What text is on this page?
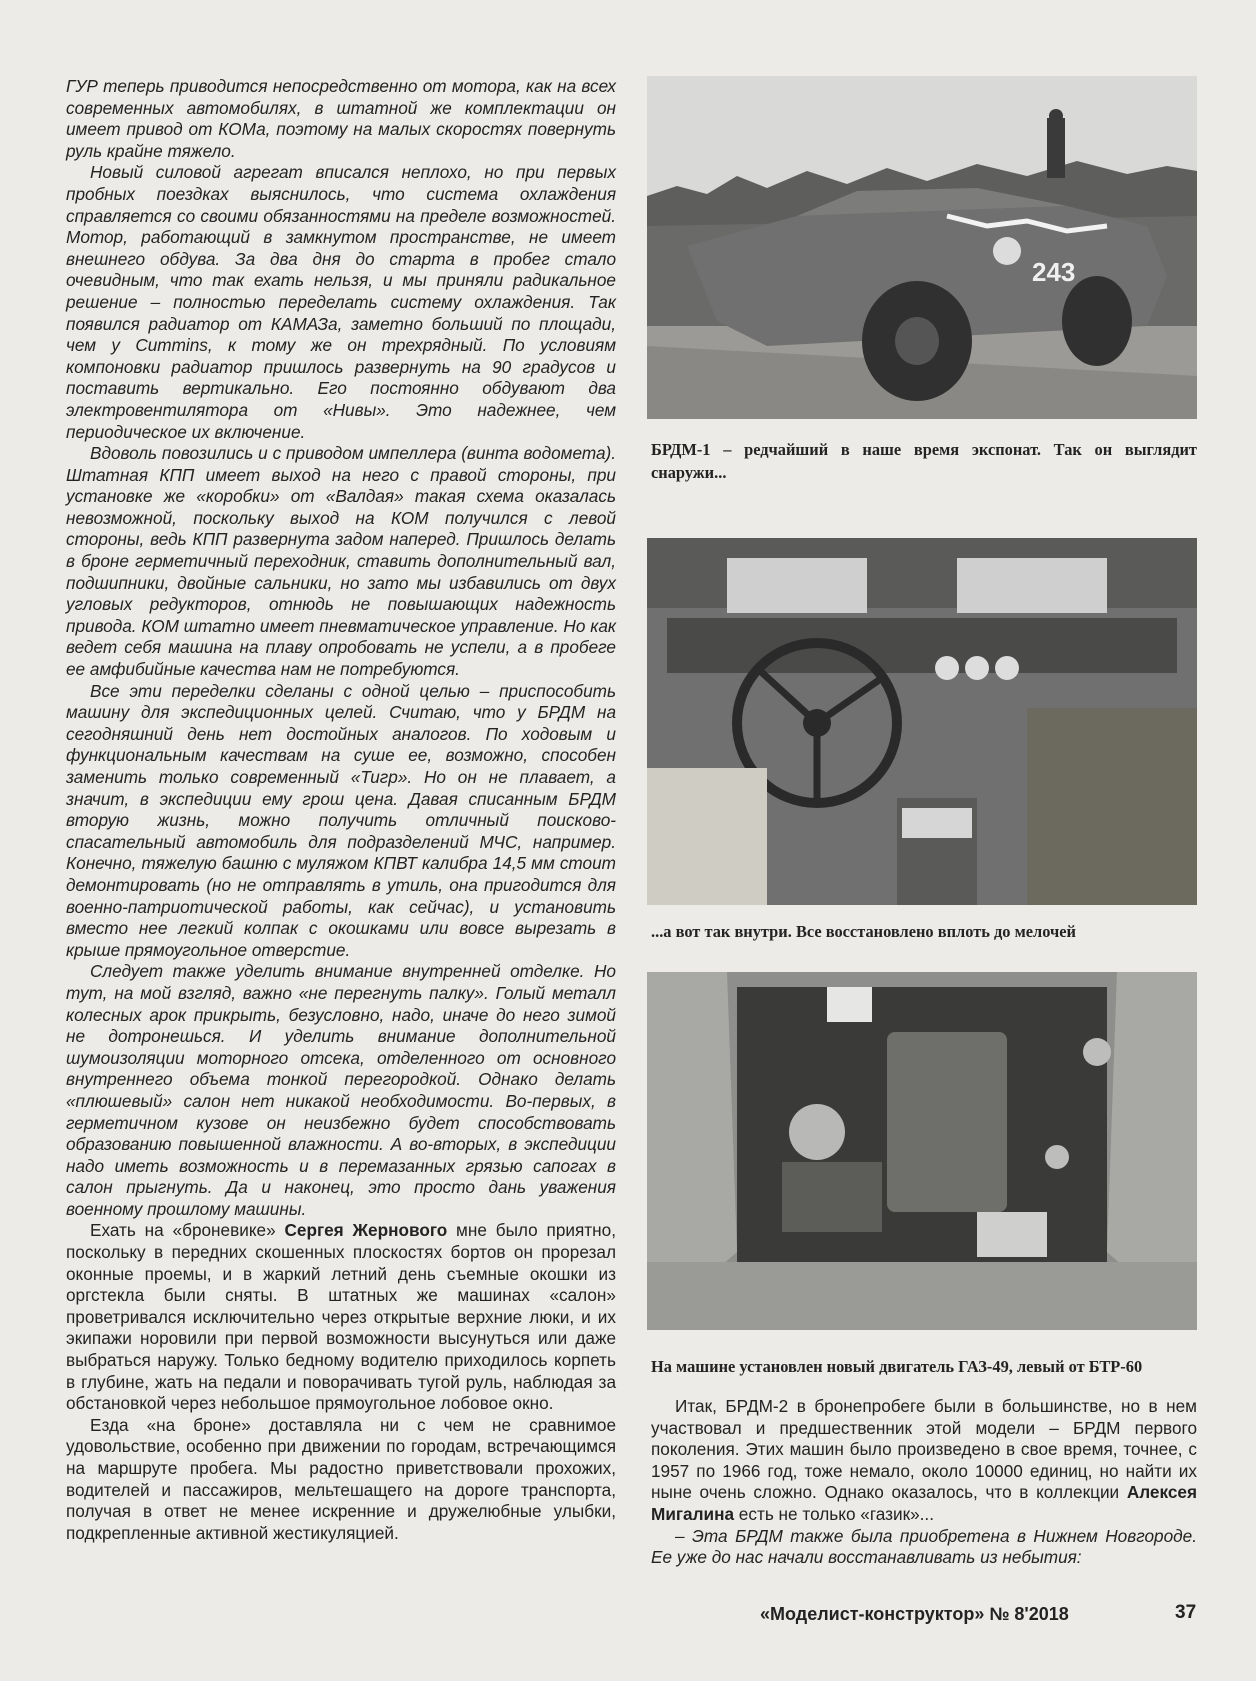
ГУР теперь приводится непосредственно от мотора, как на всех современных автомобилях, в штатной же комплектации он имеет привод от КОМа, поэтому на малых скоростях повернуть руль крайне тяжело.

Новый силовой агрегат вписался неплохо, но при первых пробных поездках выяснилось, что система охлаждения справляется со своими обязанностями на пределе возможностей. Мотор, работающий в замкнутом пространстве, не имеет внешнего обдува. За два дня до старта в пробег стало очевидным, что так ехать нельзя, и мы приняли радикальное решение – полностью переделать систему охлаждения. Так появился радиатор от КАМАЗа, заметно больший по площади, чем у Cummins, к тому же он трехрядный. По условиям компоновки радиатор пришлось развернуть на 90 градусов и поставить вертикально. Его постоянно обдувают два электровентилятора от «Нивы». Это надежнее, чем периодическое их включение.

Вдоволь повозились и с приводом импеллера (винта водомета). Штатная КПП имеет выход на него с правой стороны, при установке же «коробки» от «Валдая» такая схема оказалась невозможной, поскольку выход на КОМ получился с левой стороны, ведь КПП развернута задом наперед. Пришлось делать в броне герметичный переходник, ставить дополнительный вал, подшипники, двойные сальники, но зато мы избавились от двух угловых редукторов, отнюдь не повышающих надежность привода. КОМ штатно имеет пневматическое управление. Но как ведет себя машина на плаву опробовать не успели, а в пробеге ее амфибийные качества нам не потребуются.

Все эти переделки сделаны с одной целью – приспособить машину для экспедиционных целей. Считаю, что у БРДМ на сегодняшний день нет достойных аналогов. По ходовым и функциональным качествам на суше ее, возможно, способен заменить только современный «Тигр». Но он не плавает, а значит, в экспедиции ему грош цена. Давая списанным БРДМ вторую жизнь, можно получить отличный поисково-спасательный автомобиль для подразделений МЧС, например. Конечно, тяжелую башню с муляжом КПВТ калибра 14,5 мм стоит демонтировать (но не отправлять в утиль, она пригодится для военно-патриотической работы, как сейчас), и установить вместо нее легкий колпак с окошками или вовсе вырезать в крыше прямоугольное отверстие.

Следует также уделить внимание внутренней отделке. Но тут, на мой взгляд, важно «не перегнуть палку». Голый металл колесных арок прикрыть, безусловно, надо, иначе до него зимой не дотронешься. И уделить внимание дополнительной шумоизоляции моторного отсека, отделенного от основного внутреннего объема тонкой перегородкой. Однако делать «плюшевый» салон нет никакой необходимости. Во-первых, в герметичном кузове он неизбежно будет способствовать образованию повышенной влажности. А во-вторых, в экспедиции надо иметь возможность и в перемазанных грязью сапогах в салон прыгнуть. Да и наконец, это просто дань уважения военному прошлому машины.

Ехать на «броневике» Сергея Жернового мне было приятно, поскольку в передних скошенных плоскостях бортов он прорезал оконные проемы, и в жаркий летний день съемные окошки из оргстекла были сняты. В штатных же машинах «салон» проветривался исключительно через открытые верхние люки, и их экипажи норовили при первой возможности высунуться или даже выбраться наружу. Только бедному водителю приходилось корпеть в глубине, жать на педали и поворачивать тугой руль, наблюдая за обстановкой через небольшое прямоугольное лобовое окно.

Езда «на броне» доставляла ни с чем не сравнимое удовольствие, особенно при движении по городам, встречающимся на маршруте пробега. Мы радостно приветствовали прохожих, водителей и пассажиров, мельтешащего на дороге транспорта, получая в ответ не менее искренние и дружелюбные улыбки, подкрепленные активной жестикуляцией.

243
БРДМ-1 – редчайший в наше время экспонат. Так он выглядит снаружи...
...а вот так внутри. Все восстановлено вплоть до мелочей
На машине установлен новый двигатель ГАЗ-49, левый от БТР-60

Итак, БРДМ-2 в бронепробеге были в большинстве, но в нем участвовал и предшественник этой модели – БРДМ первого поколения. Этих машин было произведено в свое время, точнее, с 1957 по 1966 год, тоже немало, около 10000 единиц, но найти их ныне очень сложно. Однако оказалось, что в коллекции Алексея Мигалина есть не только «газик»...

– Эта БРДМ также была приобретена в Нижнем Новгороде. Ее уже до нас начали восстанавливать из небытия:

«Моделист-конструктор» № 8'2018	37
